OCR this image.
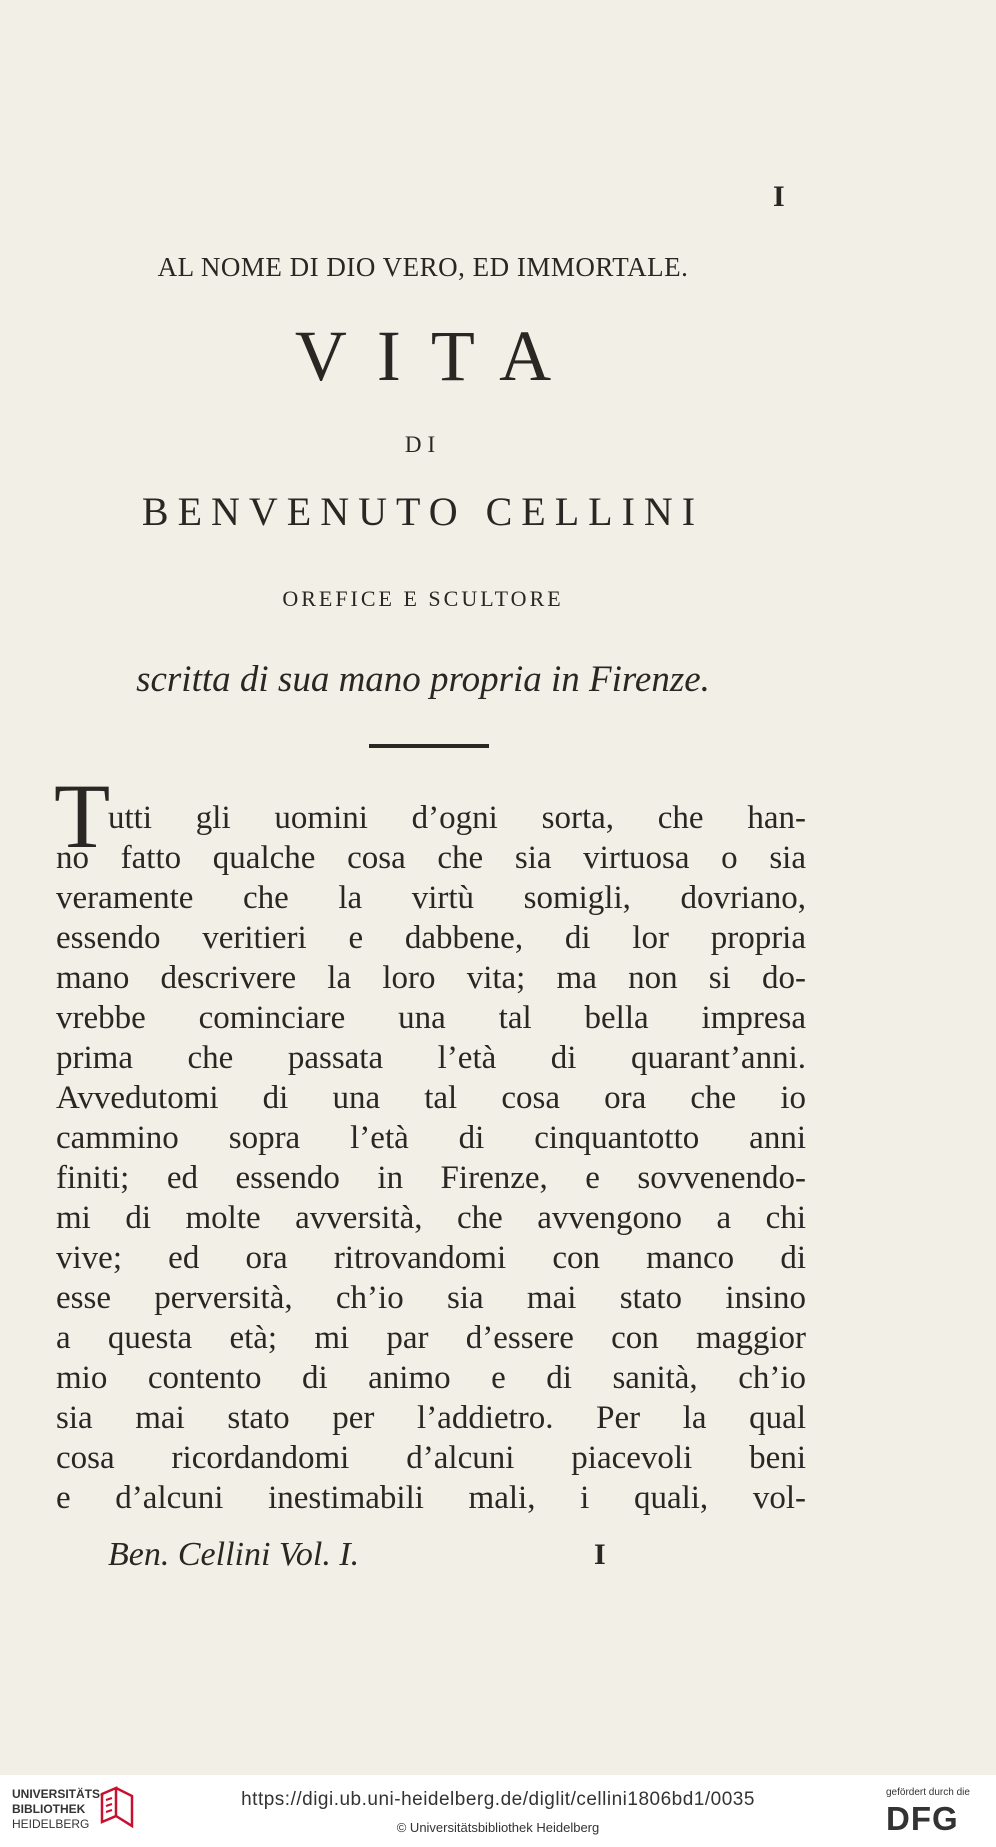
I
AL NOME DI DIO VERO, ED IMMORTALE.
VITA
DI
BENVENUTO CELLINI
OREFICE E SCULTORE
scritta di sua mano propria in Firenze.
T
utti gli uomini d’ogni sorta, che han-
no fatto qualche cosa che sia virtuosa o sia
veramente che la virtù somigli, dovriano,
essendo veritieri e dabbene, di lor propria
mano descrivere la loro vita; ma non si do-
vrebbe cominciare una tal bella impresa
prima che passata l’età di quarant’anni.
Avvedutomi di una tal cosa ora che io
cammino sopra l’età di cinquantotto anni
finiti; ed essendo in Firenze, e sovvenendo-
mi di molte avversità, che avvengono a chi
vive; ed ora ritrovandomi con manco di
esse perversità, ch’io sia mai stato insino
a questa età; mi par d’essere con maggior
mio contento di animo e di sanità, ch’io
sia mai stato per l’addietro. Per la qual
cosa ricordandomi d’alcuni piacevoli beni
e d’alcuni inestimabili mali, i quali, vol-
Ben. Cellini Vol. I.	I
UNIVERSITÄTS-
BIBLIOTHEK
HEIDELBERG
https://digi.ub.uni-heidelberg.de/diglit/cellini1806bd1/0035
© Universitätsbibliothek Heidelberg
gefördert durch die
DFG
